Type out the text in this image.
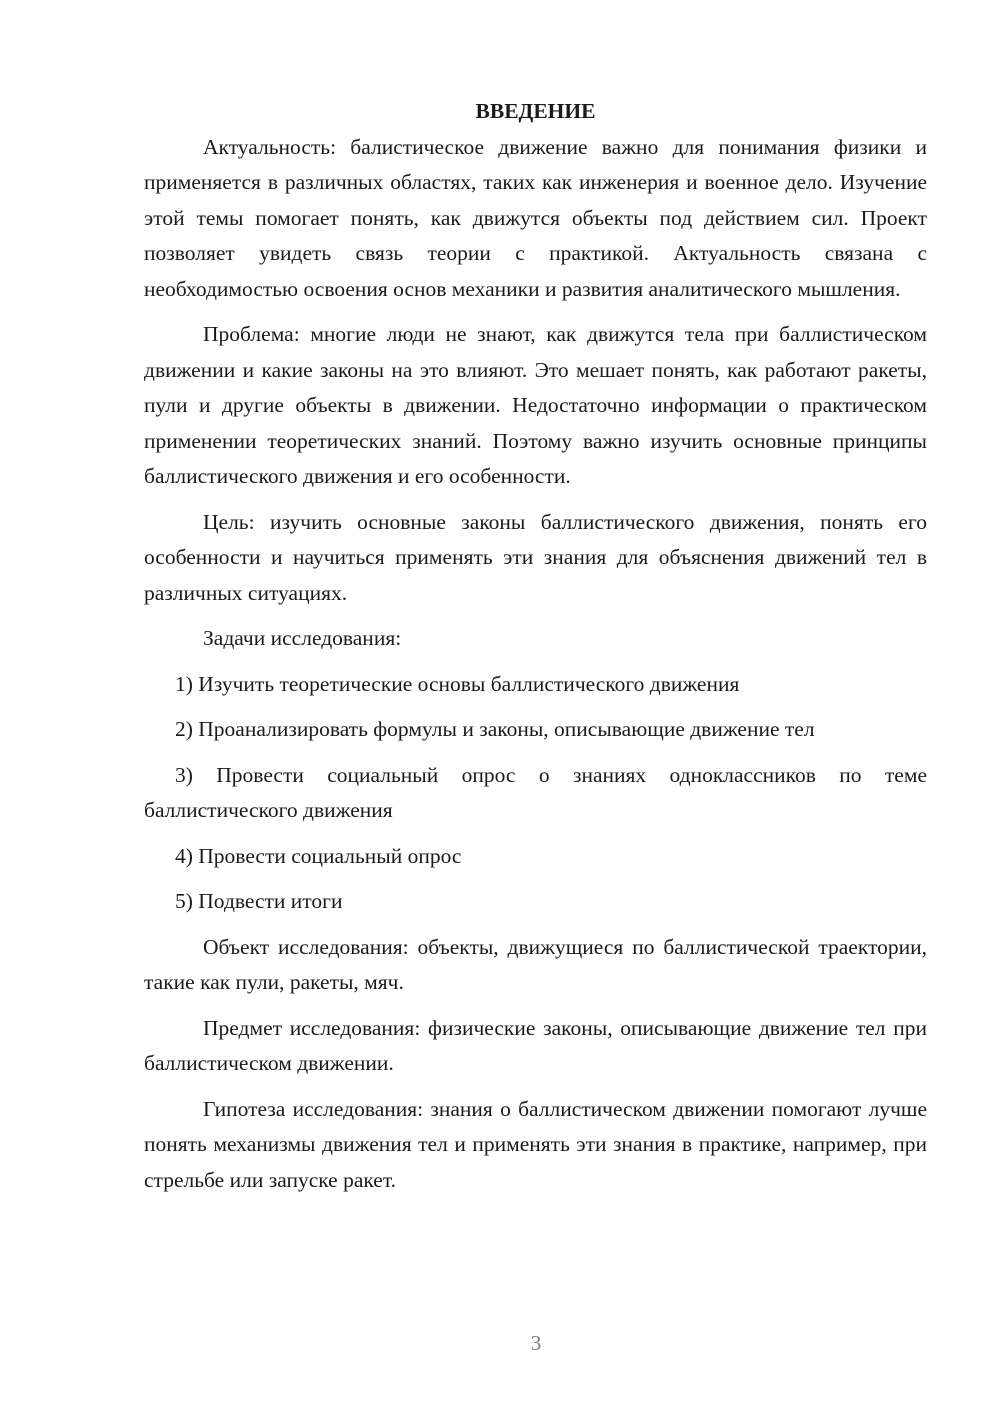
ВВЕДЕНИЕ

Актуальность: балистическое движение важно для понимания физики и применяется в различных областях, таких как инженерия и военное дело. Изучение этой темы помогает понять, как движутся объекты под действием сил. Проект позволяет увидеть связь теории с практикой. Актуальность связана с необходимостью освоения основ механики и развития аналитического мышления.

Проблема: многие люди не знают, как движутся тела при баллистическом движении и какие законы на это влияют. Это мешает понять, как работают ракеты, пули и другие объекты в движении. Недостаточно информации о практическом применении теоретических знаний. Поэтому важно изучить основные принципы баллистического движения и его особенности.

Цель: изучить основные законы баллистического движения, понять его особенности и научиться применять эти знания для объяснения движений тел в различных ситуациях.

Задачи исследования:

1) Изучить теоретические основы баллистического движения

2) Проанализировать формулы и законы, описывающие движение тел

3) Провести социальный опрос о знаниях одноклассников по теме баллистического движения

4) Провести социальный опрос

5) Подвести итоги

Объект исследования: объекты, движущиеся по баллистической траектории, такие как пули, ракеты, мяч.

Предмет исследования: физические законы, описывающие движение тел при баллистическом движении.

Гипотеза исследования: знания о баллистическом движении помогают лучше понять механизмы движения тел и применять эти знания в практике, например, при стрельбе или запуске ракет.

3
